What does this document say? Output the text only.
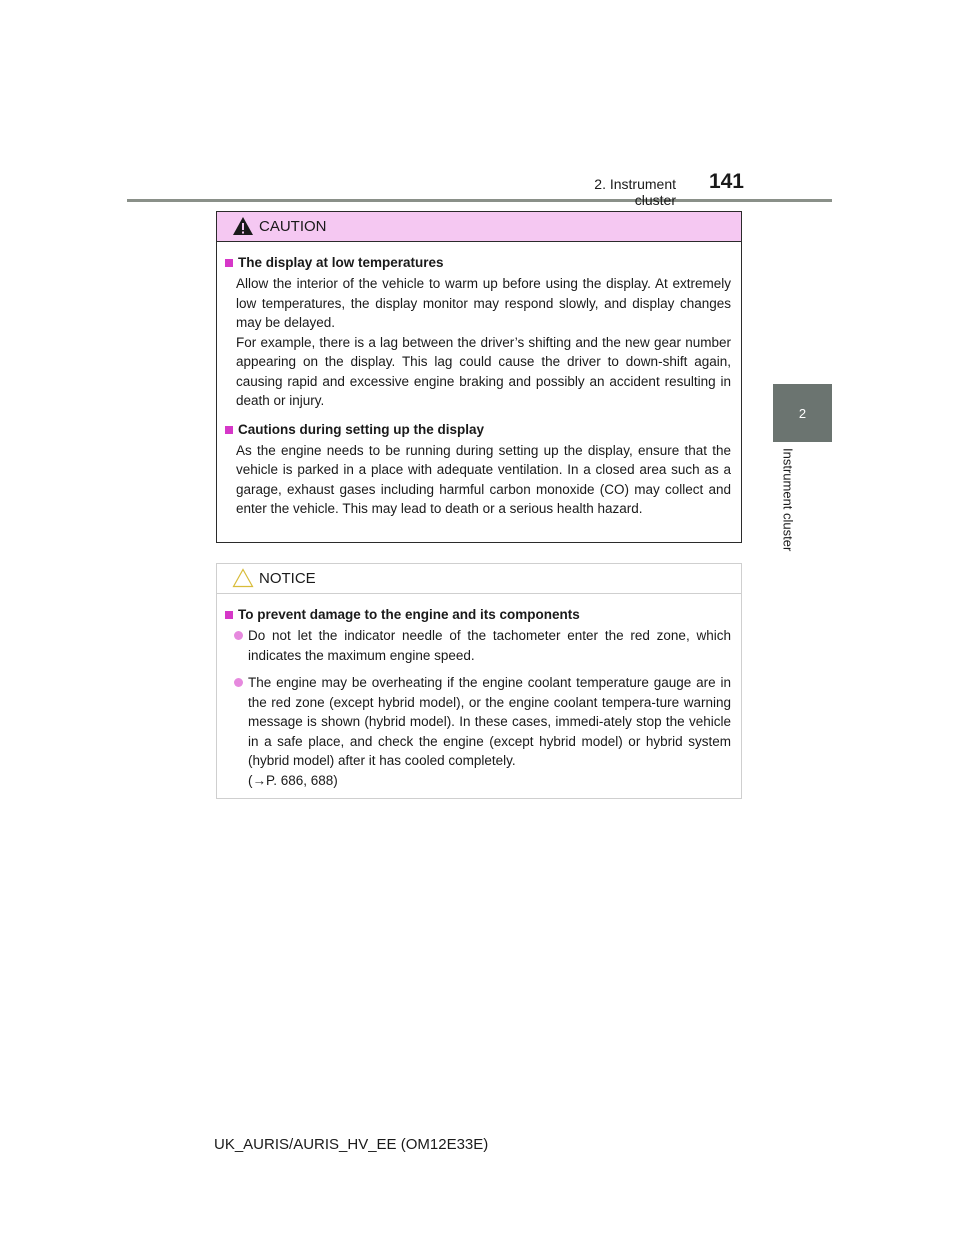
2. Instrument cluster
141
2
Instrument cluster
CAUTION
The display at low temperatures

Allow the interior of the vehicle to warm up before using the display. At extremely low temperatures, the display monitor may respond slowly, and display changes may be delayed.

For example, there is a lag between the driver’s shifting and the new gear number appearing on the display. This lag could cause the driver to down-shift again, causing rapid and excessive engine braking and possibly an accident resulting in death or injury.

Cautions during setting up the display

As the engine needs to be running during setting up the display, ensure that the vehicle is parked in a place with adequate ventilation. In a closed area such as a garage, exhaust gases including harmful carbon monoxide (CO) may collect and enter the vehicle. This may lead to death or a serious health hazard.

NOTICE
To prevent damage to the engine and its components
Do not let the indicator needle of the tachometer enter the red zone, which indicates the maximum engine speed.
The engine may be overheating if the engine coolant temperature gauge are in the red zone (except hybrid model), or the engine coolant tempera-ture warning message is shown (hybrid model). In these cases, immedi-ately stop the vehicle in a safe place, and check the engine (except hybrid model) or hybrid system (hybrid model) after it has cooled completely.
(→P. 686, 688)
UK_AURIS/AURIS_HV_EE (OM12E33E)
